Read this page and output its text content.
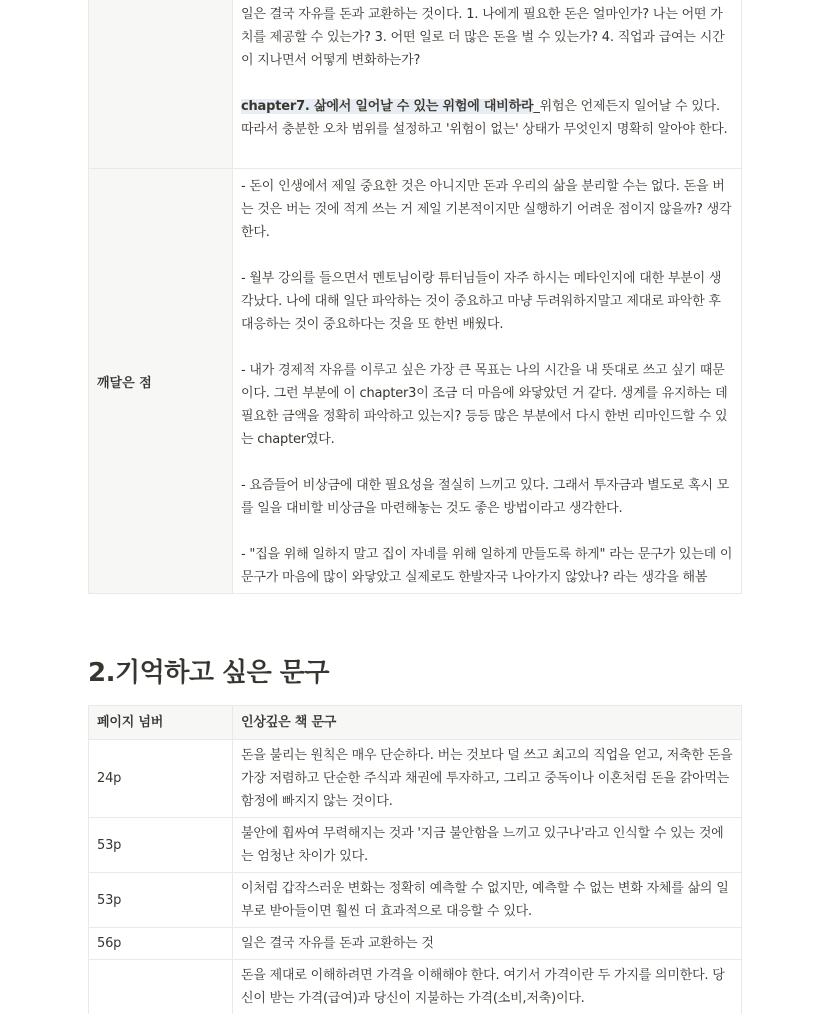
	일은 결국 자유를 돈과 교환하는 것이다. 1. 나에게 필요한 돈은 얼마인가? 나는 어떤 가치를 제공할 수 있는가? 3. 어떤 일로 더 많은 돈을 벌 수 있는가? 4. 직업과 급여는 시간이 지나면서 어떻게 변화하는가?
chapter7. 삶에서 일어날 수 있는 위험에 대비하라_위험은 언제든지 일어날 수 있다. 따라서 충분한 오차 범위를 설정하고 '위험이 없는' 상태가 무엇인지 명확히 알아야 한다.

깨달은 점	- 돈이 인생에서 제일 중요한 것은 아니지만 돈과 우리의 삶을 분리할 수는 없다. 돈을 버는 것은 버는 것에 적게 쓰는 거 제일 기본적이지만 실행하기 어려운 점이지 않을까? 생각한다.
- 월부 강의를 들으면서 멘토님이랑 튜터님들이 자주 하시는 메타인지에 대한 부분이 생각났다. 나에 대해 일단 파악하는 것이 중요하고 마냥 두려워하지말고 제대로 파악한 후 대응하는 것이 중요하다는 것을 또 한번 배웠다.
- 내가 경제적 자유를 이루고 싶은 가장 큰 목표는 나의 시간을 내 뜻대로 쓰고 싶기 때문이다. 그런 부분에 이 chapter3이 조금 더 마음에 와닿았던 거 같다. 생계를 유지하는 데 필요한 금액을 정확히 파악하고 있는지? 등등 많은 부분에서 다시 한번 리마인드할 수 있는 chapter였다.
- 요즘들어 비상금에 대한 필요성을 절실히 느끼고 있다. 그래서 투자금과 별도로 혹시 모를 일을 대비할 비상금을 마련해놓는 것도 좋은 방법이라고 생각한다.
- "집을 위해 일하지 말고 집이 자네를 위해 일하게 만들도록 하게" 라는 문구가 있는데 이 문구가 마음에 많이 와닿았고 실제로도 한발자국 나아가지 않았나? 라는 생각을 해봄
2.기억하고 싶은 문구
페이지 넘버	인상깊은 책 문구
24p	돈을 불리는 원칙은 매우 단순하다. 버는 것보다 덜 쓰고 최고의 직업을 얻고, 저축한 돈을 가장 저렴하고 단순한 주식과 채권에 투자하고, 그리고 중독이나 이혼처럼 돈을 갉아먹는 함정에 빠지지 않는 것이다.
53p	불안에 휩싸여 무력해지는 것과 '지금 불안함을 느끼고 있구나'라고 인식할 수 있는 것에는 엄청난 차이가 있다.
53p	이처럼 갑작스러운 변화는 정확히 예측할 수 없지만, 예측할 수 없는 변화 자체를 삶의 일부로 받아들이면 훨씬 더 효과적으로 대응할 수 있다.
56p	일은 결국 자유를 돈과 교환하는 것
	돈을 제대로 이해하려면 가격을 이해해야 한다. 여기서 가격이란 두 가지를 의미한다. 당신이 받는 가격(급여)과 당신이 지불하는 가격(소비,저축)이다.
